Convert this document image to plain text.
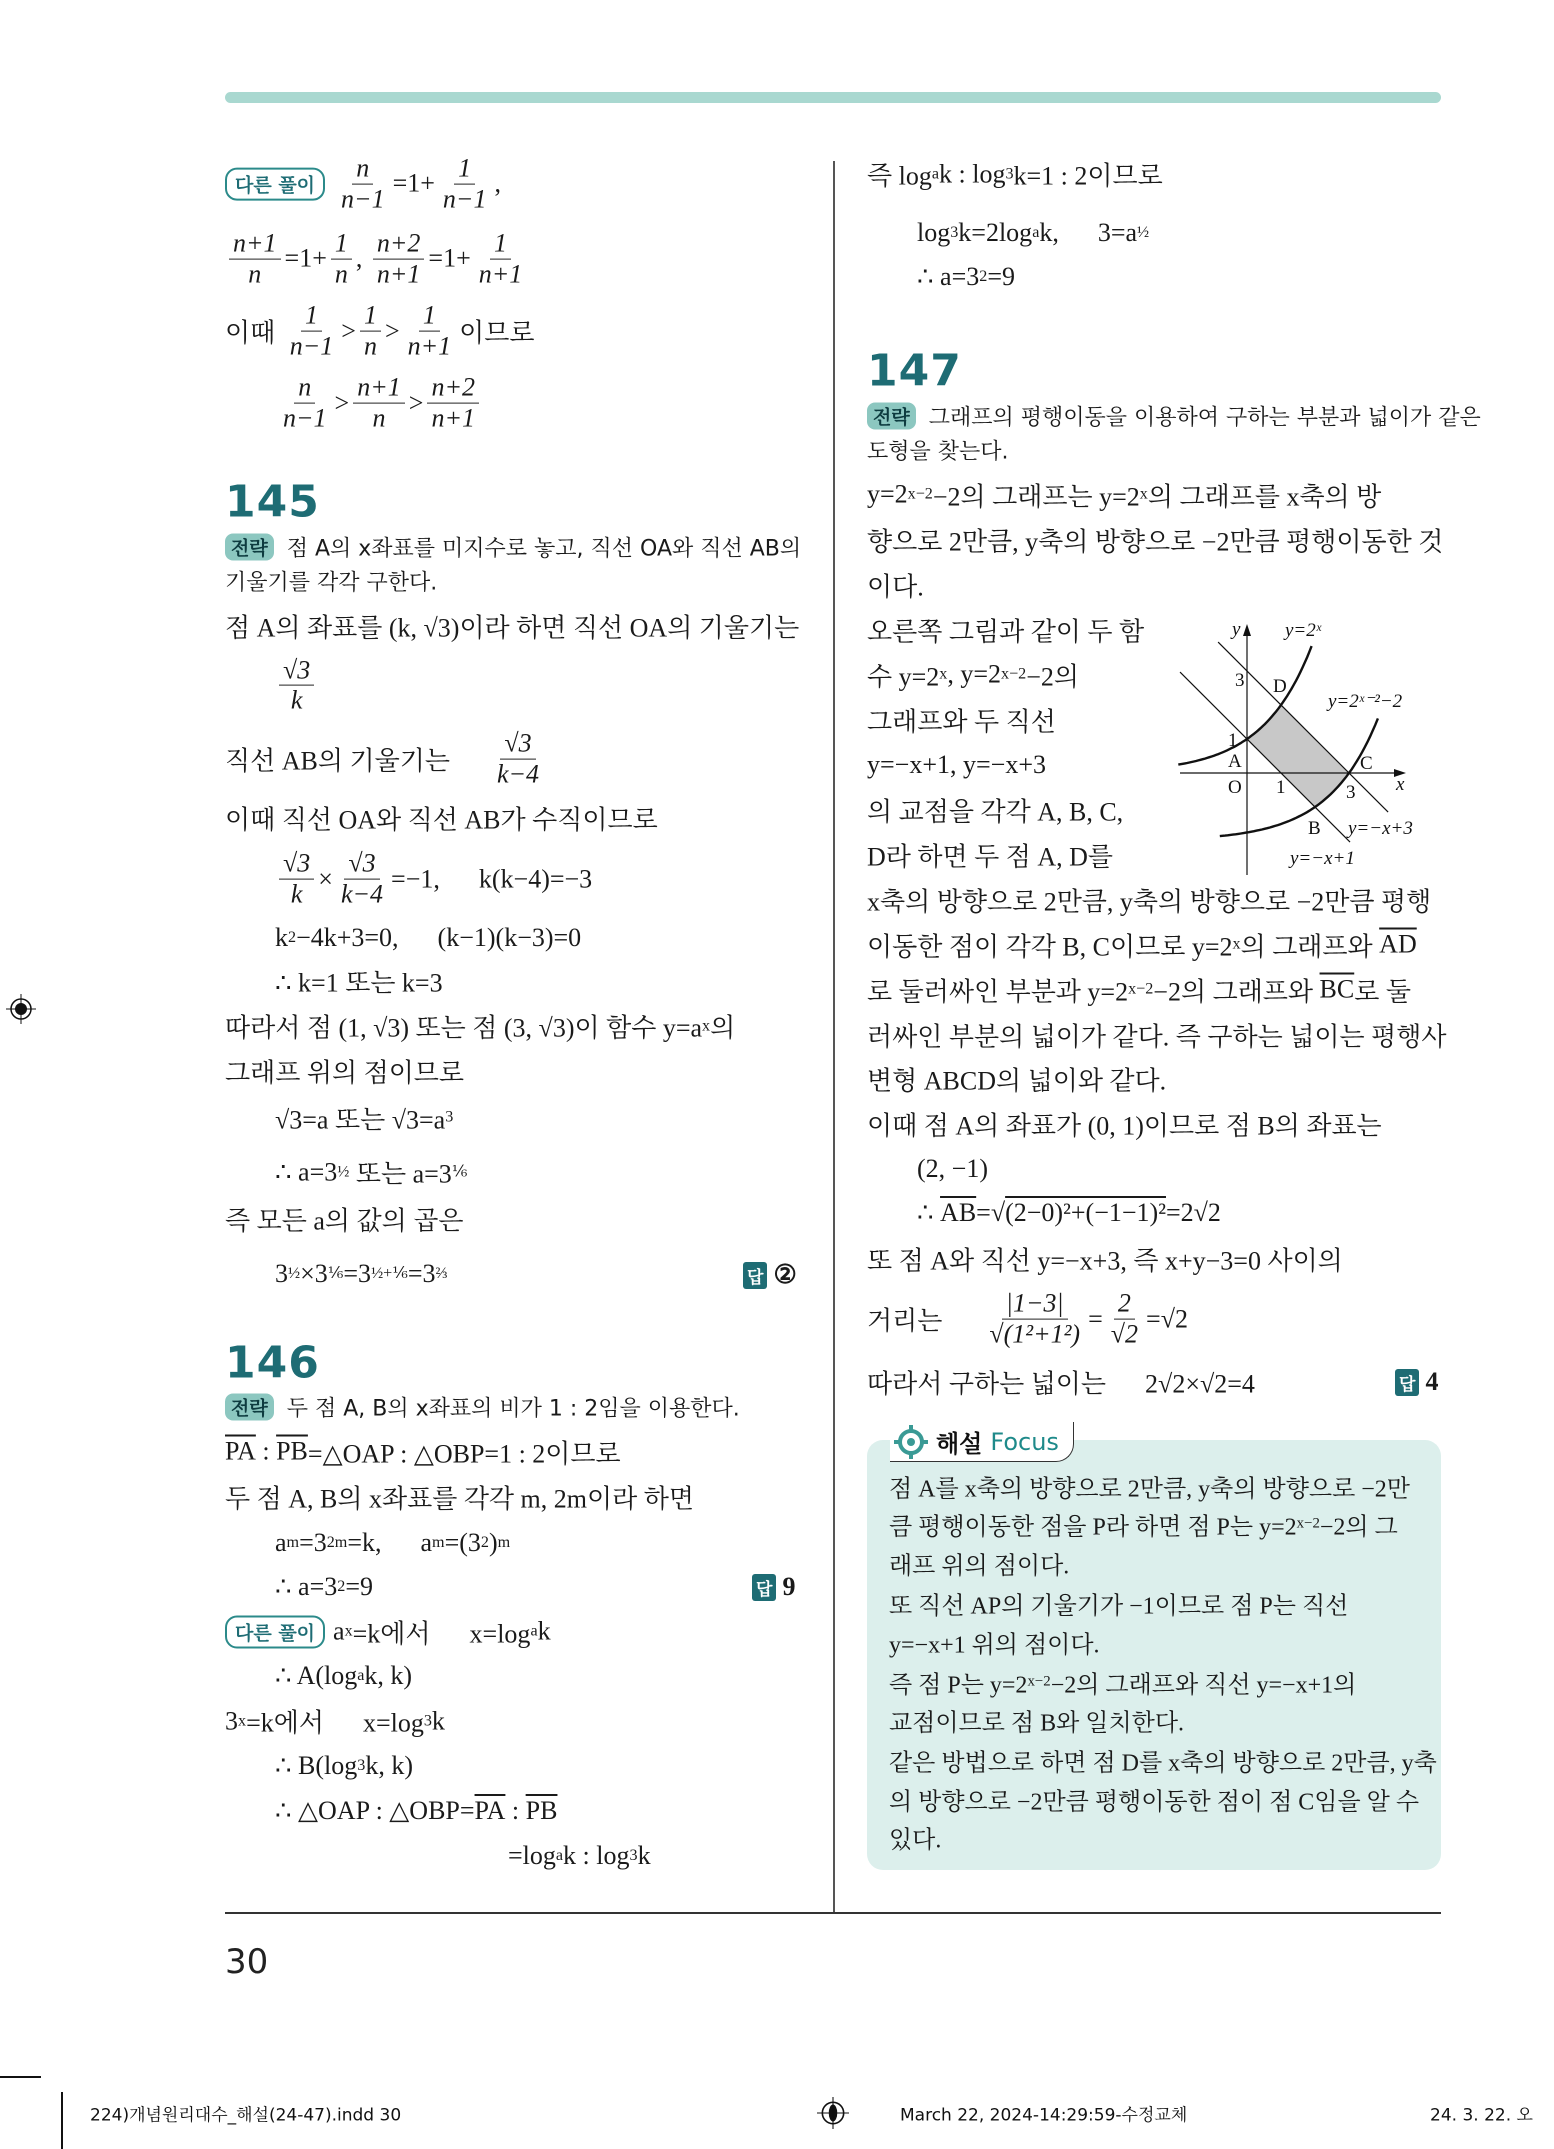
다른 풀이 $\frac{n}{n-1} =1+ \frac{1}{n-1}$ ,
$\frac{n+1}{n} =1+ \frac{1}{n}$ , $\frac{n+2}{n+1} =1+ \frac{1}{n+1}$
이때 $\frac{1}{n-1} > \frac{1}{n} > \frac{1}{n+1}$ 이므로
$\frac{n}{n-1} > \frac{n+1}{n} > \frac{n+2}{n+1}$
전략 점 A의 x좌표를 미지수로 놓고, 직선 OA와 직선 AB의
기울기를 각각 구한다.
점 A의 좌표를 (k, √3)이라 하면 직선 OA의 기울기는
$\frac{√3}{k}$
직선 AB의 기울기는 $\frac{√3}{k-4}$
이때 직선 OA와 직선 AB가 수직이므로
$\frac{√3}{k} \times \frac{√3}{k-4} =-1$,      k(k−4)=−3
k 2 −4k+3=0,      (k−1)(k−3)=0
∴ k=1 또는 k=3
따라서 점 (1, √3) 또는 점 (3, √3)이 함수 y=a x 의
그래프 위의 점이므로
√3=a 또는 √3=a 3
∴ a=3 ½ 또는 a=3 ⅙
즉 모든 a의 값의 곱은
3 ½ ×3 ⅙ =3 ½+⅙ =3 ⅔
전략 두 점 A, B의 x좌표의 비가 1 : 2임을 이용한다.
$\overline{PA}$ : $\overline{PB}$ =△OAP : △OBP=1 : 2이므로
두 점 A, B의 x좌표를 각각 m, 2m이라 하면
a m =3 2m =k,      a m =(3 2 ) m
∴ a=3 2 =9
다른 풀이 a x =k에서      x=log a k
∴ A(log a k, k)
3 x =k에서      x=log 3 k
∴ B(log 3 k, k)
∴ △OAP : △OBP= $\overline{PA}$ : $\overline{PB}$
=log a k : log 3 k
즉 log a k : log 3 k=1 : 2이므로
log 3 k=2log a k,      3=a ½
∴ a=3 2 =9
전략 그래프의 평행이동을 이용하여 구하는 부분과 넓이가 같은
도형을 찾는다.
y=2 x−2 −2의 그래프는 y=2 x 의 그래프를 x축의 방
향으로 2만큼, y축의 방향으로 −2만큼 평행이동한 것
이다.
오른쪽 그림과 같이 두 함
수 y=2 x , y=2 x−2 −2의
그래프와 두 직선
y=−x+1, y=−x+3
의 교점을 각각 A, B, C,
D라 하면 두 점 A, D를
x축의 방향으로 2만큼, y축의 방향으로 −2만큼 평행
이동한 점이 각각 B, C이므로 y=2 x 의 그래프와 $\overline{AD}$
로 둘러싸인 부분과 y=2 x−2 −2의 그래프와 $\overline{BC}$ 로 둘
러싸인 부분의 넓이가 같다. 즉 구하는 넓이는 평행사
변형 ABCD의 넓이와 같다.
이때 점 A의 좌표가 (0, 1)이므로 점 B의 좌표는
(2, −1)
∴ $\overline{AB}$ =√ (2−0)²+(−1−1)² =2√2
또 점 A와 직선 y=−x+3, 즉 x+y−3=0 사이의
거리는 $\frac{|1-3|}{\text{√(1²+1²)}} = \frac{2}{√2} =√2$
따라서 구하는 넓이는      2√2×√2=4
145
146
147
답 ②
답 9
답 4
해설 Focus
점 A를 x축의 방향으로 2만큼, y축의 방향으로 −2만
큼 평행이동한 점을 P라 하면 점 P는 y=2 x−2 −2의 그
래프 위의 점이다.
또 직선 AP의 기울기가 −1이므로 점 P는 직선
y=−x+1 위의 점이다.
즉 점 P는 y=2 x−2 −2의 그래프와 직선 y=−x+1의
교점이므로 점 B와 일치한다.
같은 방법으로 하면 점 D를 x축의 방향으로 2만큼, y축
의 방향으로 −2만큼 평행이동한 점이 점 C임을 알 수
있다.
y y=2ˣ
3 D
y=2ˣ⁻²−2
1
A
O 1	3
C
x
B y=−x+3
y=−x+1
30
224)개념원리대수_해설(24-47).indd 30	March 22, 2024-14:29:59-수정교체	24. 3. 22. 오
